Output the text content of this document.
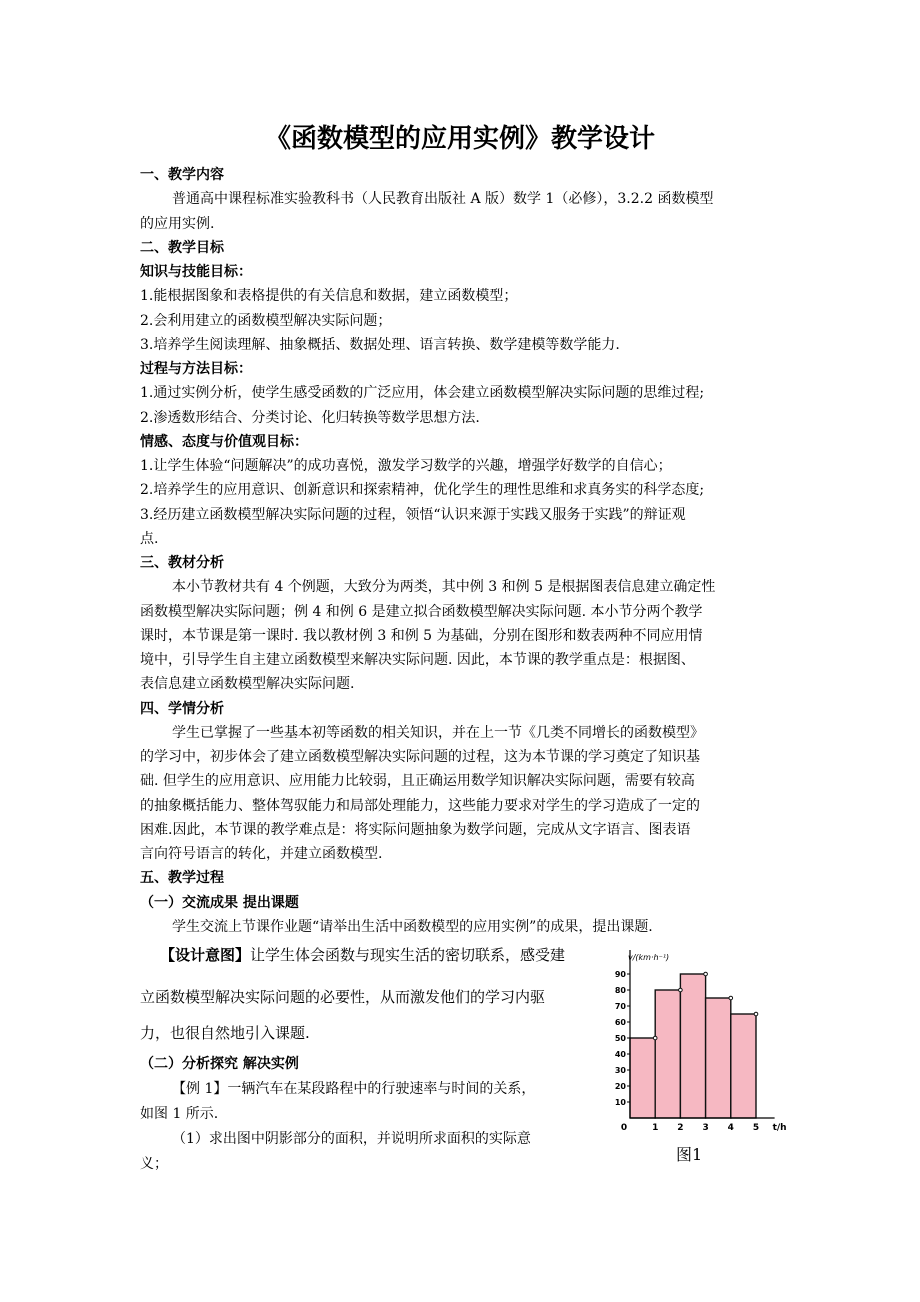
《函数模型的应用实例》教学设计
一、教学内容
普通高中课程标准实验教科书（人民教育出版社 A 版）数学 1（必修），3.2.2 函数模型
的应用实例.
二、教学目标
知识与技能目标：
1.能根据图象和表格提供的有关信息和数据，建立函数模型；
2.会利用建立的函数模型解决实际问题；
3.培养学生阅读理解、抽象概括、数据处理、语言转换、数学建模等数学能力.
过程与方法目标：
1.通过实例分析，使学生感受函数的广泛应用，体会建立函数模型解决实际问题的思维过程;
2.渗透数形结合、分类讨论、化归转换等数学思想方法.
情感、态度与价值观目标：
1.让学生体验“问题解决”的成功喜悦，激发学习数学的兴趣，增强学好数学的自信心；
2.培养学生的应用意识、创新意识和探索精神，优化学生的理性思维和求真务实的科学态度;
3.经历建立函数模型解决实际问题的过程，领悟“认识来源于实践又服务于实践”的辩证观
点.
三、教材分析
本小节教材共有 4 个例题，大致分为两类，其中例 3 和例 5 是根据图表信息建立确定性
函数模型解决实际问题；例 4 和例 6 是建立拟合函数模型解决实际问题. 本小节分两个教学
课时，本节课是第一课时. 我以教材例 3 和例 5 为基础，分别在图形和数表两种不同应用情
境中，引导学生自主建立函数模型来解决实际问题. 因此，本节课的教学重点是：根据图、
表信息建立函数模型解决实际问题.
四、学情分析
学生已掌握了一些基本初等函数的相关知识，并在上一节《几类不同增长的函数模型》
的学习中，初步体会了建立函数模型解决实际问题的过程，这为本节课的学习奠定了知识基
础. 但学生的应用意识、应用能力比较弱，且正确运用数学知识解决实际问题，需要有较高
的抽象概括能力、整体驾驭能力和局部处理能力，这些能力要求对学生的学习造成了一定的
困难.因此，本节课的教学难点是：将实际问题抽象为数学问题，完成从文字语言、图表语
言向符号语言的转化，并建立函数模型.
五、教学过程
（一）交流成果 提出课题
学生交流上节课作业题“请举出生活中函数模型的应用实例”的成果，提出课题.
【设计意图】让学生体会函数与现实生活的密切联系，感受建
立函数模型解决实际问题的必要性，从而激发他们的学习内驱
力，也很自然地引入课题.
（二）分析探究 解决实例
【例 1】一辆汽车在某段路程中的行驶速率与时间的关系，
如图 1 所示.
（1）求出图中阴影部分的面积，并说明所求面积的实际意
义；
10
20
30
40
50
60
70
80
90
0	1 2 3 4 5
v/(km·h⁻¹)
t/h
图1
